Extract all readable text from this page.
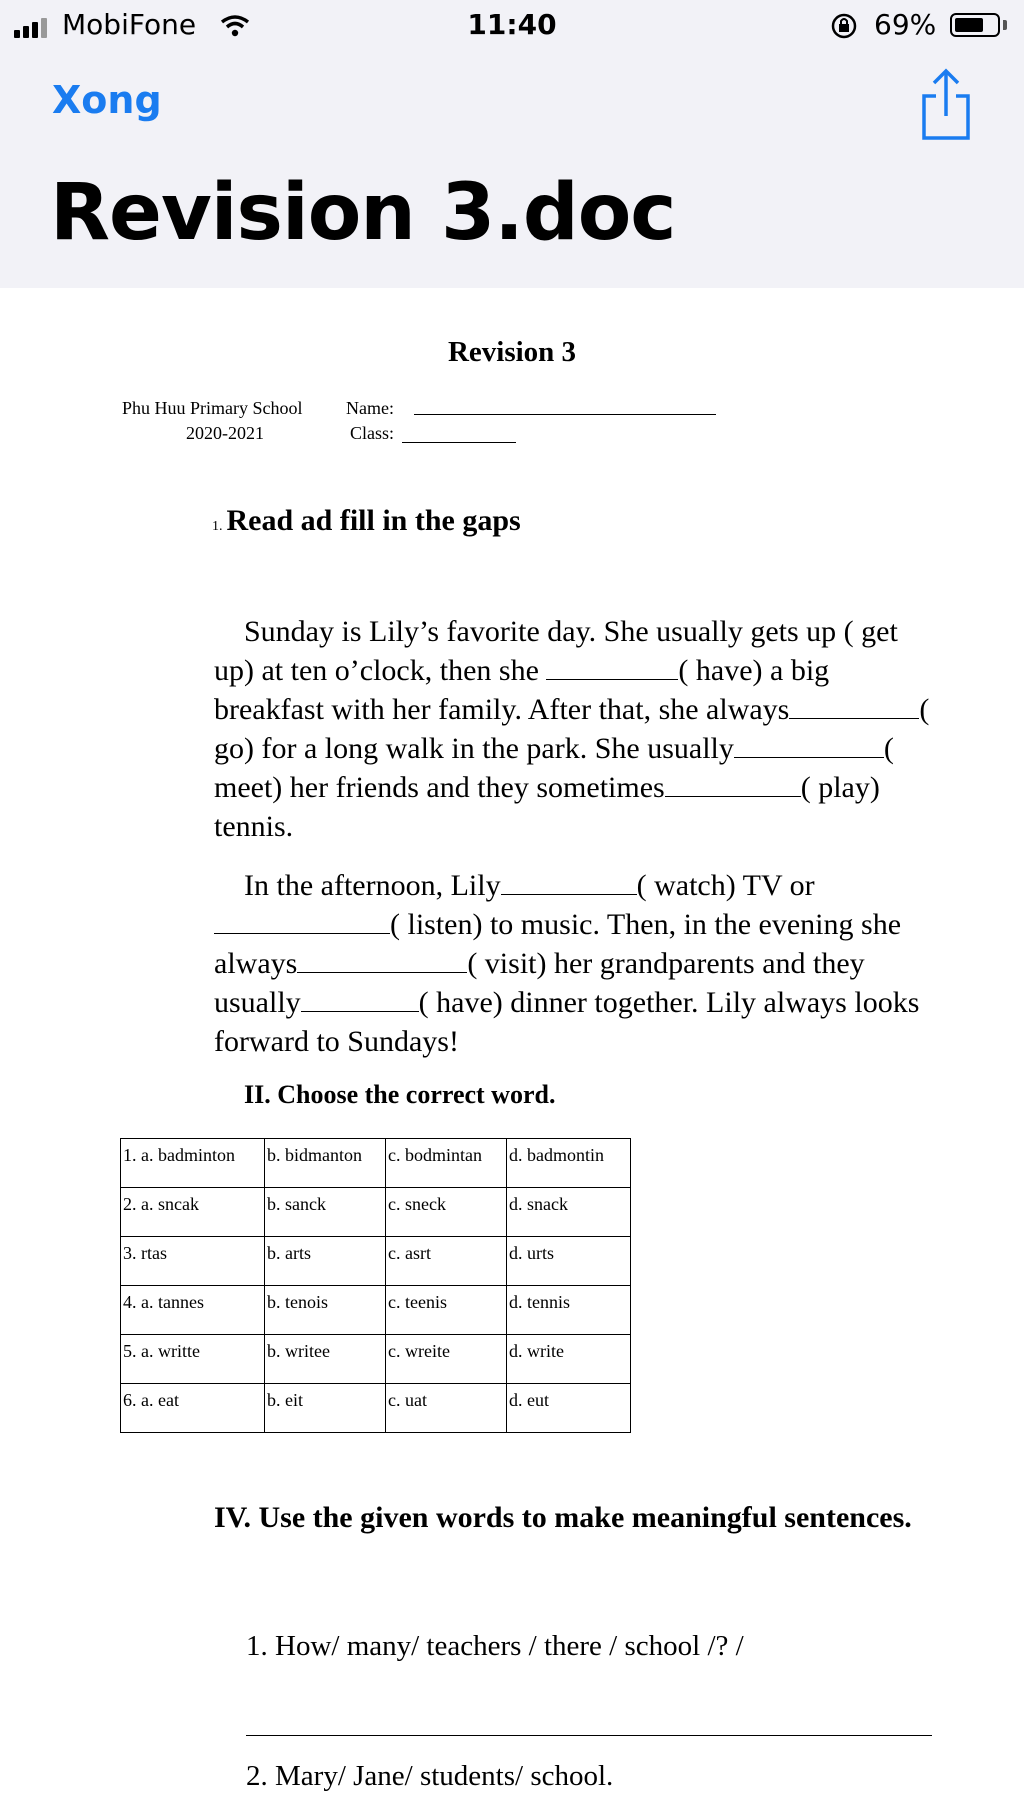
MobiFone	11:40	69%
Xong
Revision 3.doc
Revision 3
Phu Huu Primary School Name:
2020-2021	Class:
1. Read ad fill in the gaps
Sunday is Lily’s favorite day. She usually gets up ( get up) at ten o’clock, then she	( have) a big breakfast with her family. After that, she always	( go) for a long walk in the park. She usually	( meet) her friends and they sometimes	( play) tennis.
In the afternoon, Lily	( watch) TV or ( listen) to music. Then, in the evening she always	( visit) her grandparents and they usually	( have) dinner together. Lily always looks forward to Sundays!
II. Choose the correct word.
1. a. badminton	b. bidmanton	c. bodmintan	d. badmontin
2. a. sncak	b. sanck	c. sneck	d. snack
3. rtas	b. arts	c. asrt	d. urts
4. a. tannes	b. tenois	c. teenis	d. tennis
5. a. writte	b. writee	c. wreite	d. write
6. a. eat	b. eit	c. uat	d. eut
IV. Use the given words to make meaningful sentences.
1. How/ many/ teachers / there / school /? /
2. Mary/ Jane/ students/ school.
